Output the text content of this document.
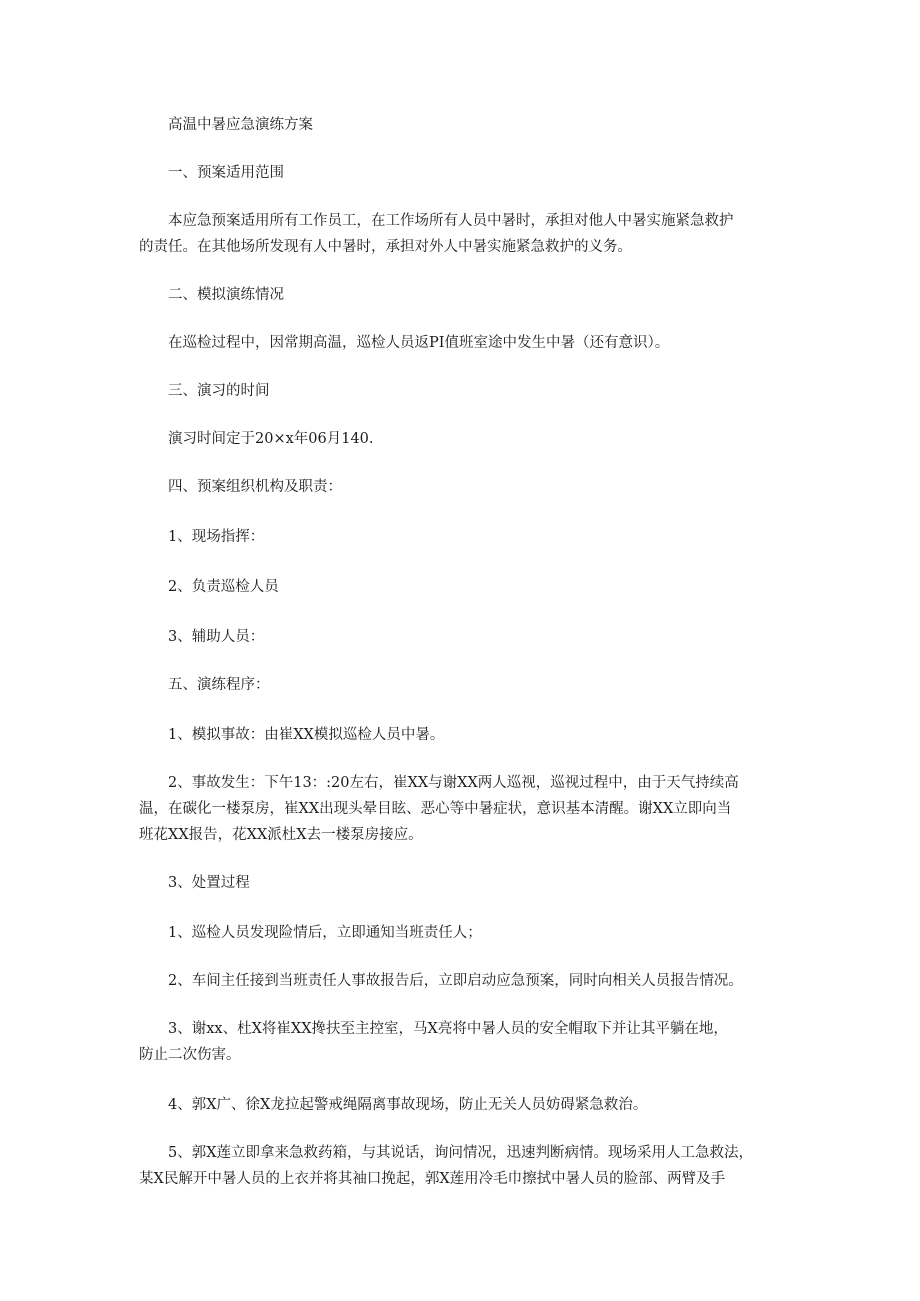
高温中暑应急演练方案

一、预案适用范围

本应急预案适用所有工作员工，在工作场所有人员中暑时，承担对他人中暑实施紧急救护

的责任。在其他场所发现有人中暑时，承担对外人中暑实施紧急救护的义务。

二、模拟演练情况

在巡检过程中，因常期高温，巡检人员返PI值班室途中发生中暑（还有意识）。

三、演习的时间

演习时间定于20×x年06月140.

四、预案组织机构及职责：

1、现场指挥：

2、负责巡检人员

3、辅助人员：

五、演练程序：

1、模拟事故：由崔XX模拟巡检人员中暑。

2、事故发生：下午13：:20左右，崔XX与谢XX两人巡视，巡视过程中，由于天气持续高

温，在碳化一楼泵房，崔XX出现头晕目眩、恶心等中暑症状，意识基本清醒。谢XX立即向当

班花XX报告，花XX派杜X去一楼泵房接应。

3、处置过程

1、巡检人员发现险情后，立即通知当班责任人；

2、车间主任接到当班责任人事故报告后，立即启动应急预案，同时向相关人员报告情况。

3、谢xx、杜X将崔XX搀扶至主控室，马X亮将中暑人员的安全帽取下并让其平躺在地，

防止二次伤害。

4、郭X广、徐X龙拉起警戒绳隔离事故现场，防止无关人员妨碍紧急救治。

5、郭X莲立即拿来急救药箱，与其说话，询问情况，迅速判断病情。现场采用人工急救法，

某X民解开中暑人员的上衣并将其袖口挽起，郭X莲用冷毛巾擦拭中暑人员的脸部、两臂及手
